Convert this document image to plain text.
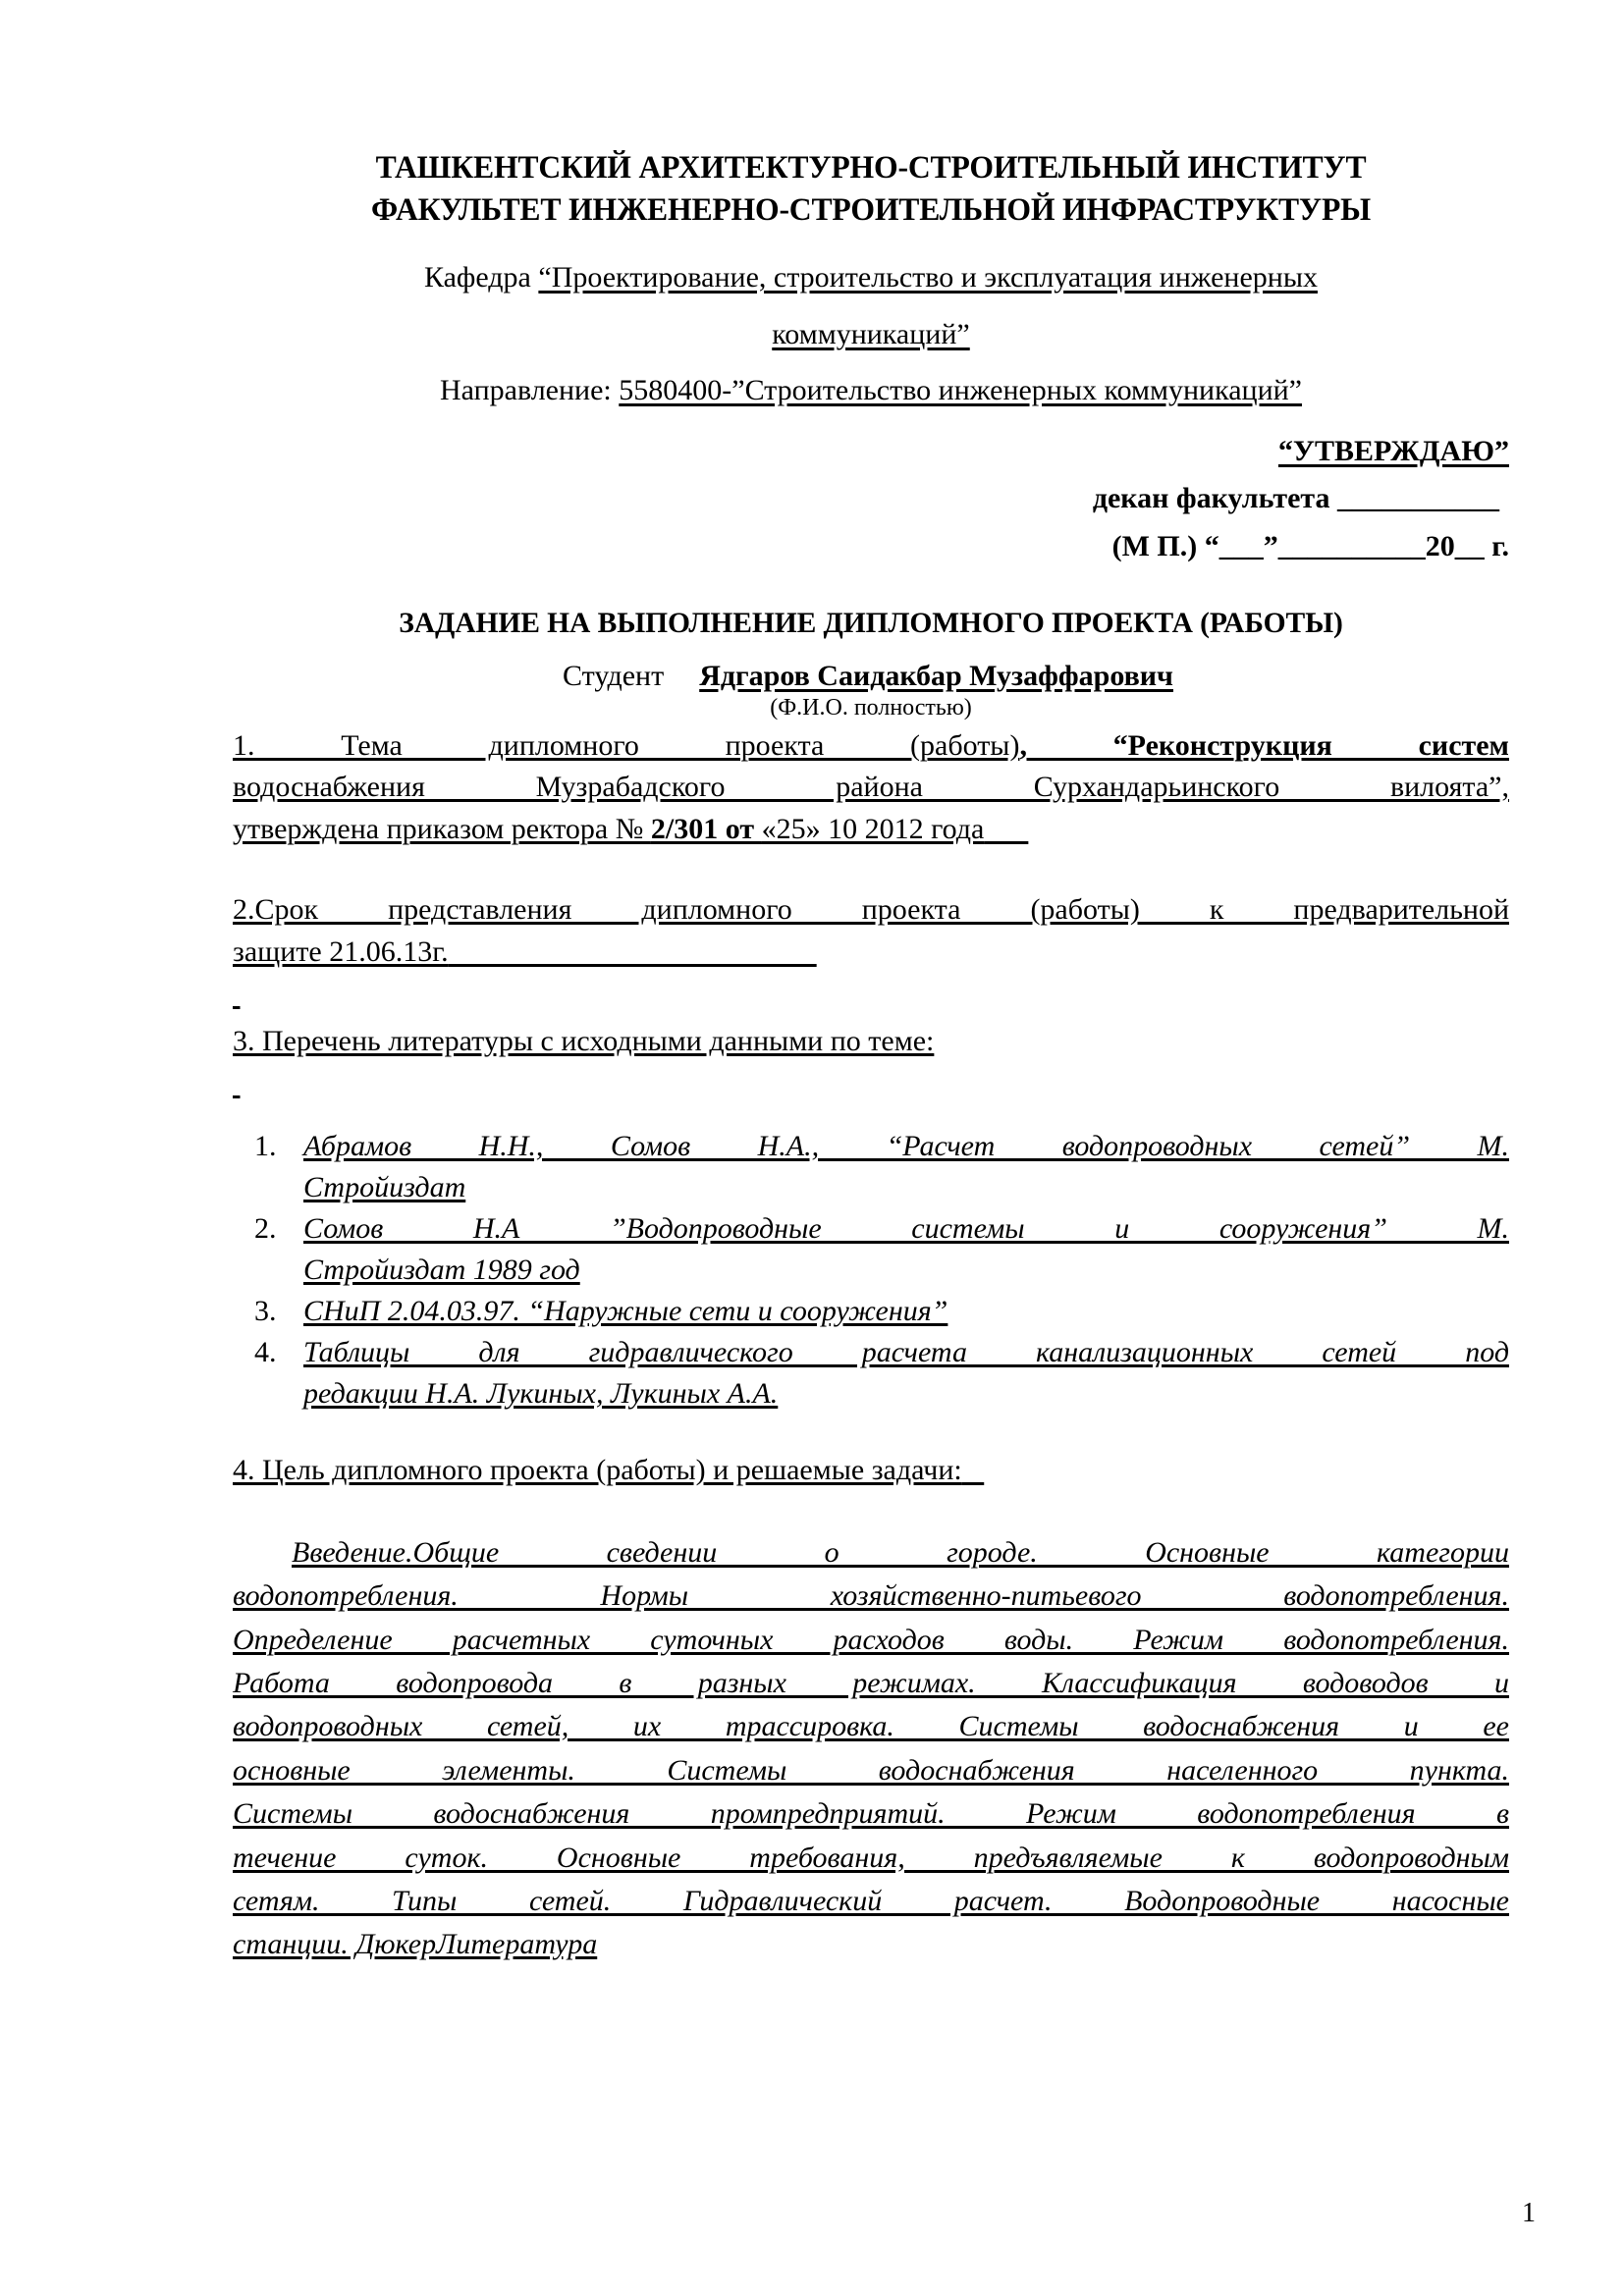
ТАШКЕНТСКИЙ АРХИТЕКТУРНО-СТРОИТЕЛЬНЫЙ ИНСТИТУТ
ФАКУЛЬТЕТ ИНЖЕНЕРНО-СТРОИТЕЛЬНОЙ ИНФРАСТРУКТУРЫ
Кафедра “Проектирование, строительство и эксплуатация инженерных
коммуникаций”
Направление: 5580400-”Строительство инженерных коммуникаций”
“УТВЕРЖДАЮ”
декан факультета ___________
(М П.) “___”__________20__ г.
ЗАДАНИЕ НА ВЫПОЛНЕНИЕ ДИПЛОМНОГО ПРОЕКТА (РАБОТЫ)
Студент Ядгаров Саидакбар Музаффарович
(Ф.И.О. полностью)
1. Тема дипломного проекта (работы), “Реконструкция систем
водоснабжения Музрабадского района Сурхандарьинского вилоята”,
утверждена приказом ректора № 2/301 от «25» 10 2012 года
2.Срок представления дипломного проекта (работы) к предварительной
защите 21.06.13г.

3. Перечень литературы с исходными данными по теме:

1. Абрамов Н.Н., Сомов Н.А., “Расчет водопроводных сетей” М.
Стройиздат
2. Сомов Н.А ”Водопроводные системы и сооружения” М.
Стройиздат 1989 год
3. СНиП 2.04.03.97. “Наружные сети и сооружения”
4. Таблицы для гидравлического расчета канализационных сетей под
редакции Н.А. Лукиных, Лукиных А.А.
4. Цель дипломного проекта (работы) и решаемые задачи:
Введение.Общие сведении о городе. Основные категории
водопотребления. Нормы хозяйственно-питьевого водопотребления.
Определение расчетных суточных расходов воды. Режим водопотребления.
Работа водопровода в разных режимах. Классификация водоводов и
водопроводных сетей, их трассировка. Системы водоснабжения и ее
основные элементы. Системы водоснабжения населенного пункта.
Системы водоснабжения промпредприятий. Режим водопотребления в
течение суток. Основные требования, предъявляемые к водопроводным
сетям. Типы сетей. Гидравлический расчет. Водопроводные насосные
станции. ДюкерЛитература
1
